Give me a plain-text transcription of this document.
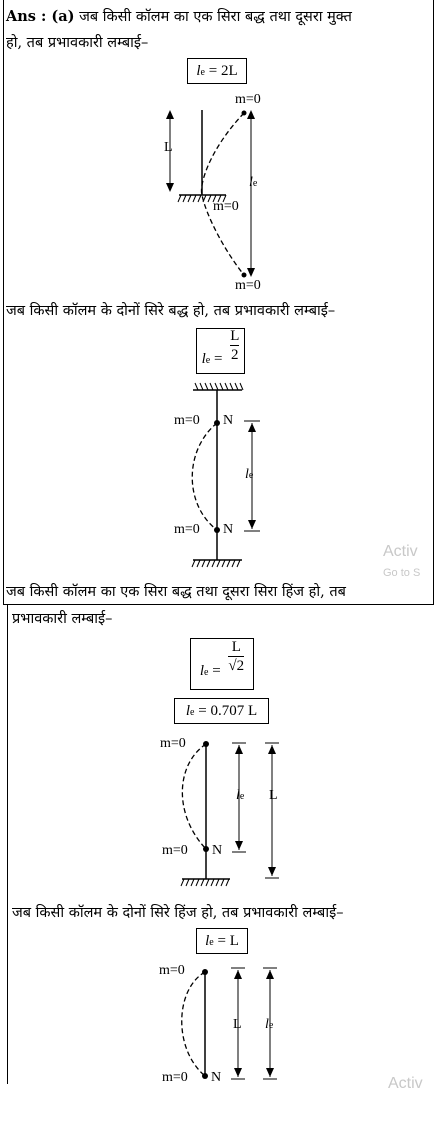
Ans : (a) जब किसी कॉलम का एक सिरा बद्ध तथा दूसरा मुक्त
हो, तब प्रभावकारी लम्बाई–
le = 2L
m=0
L
le
m=0
m=0
जब किसी कॉलम के दोनों सिरे बद्ध हो, तब प्रभावकारी लम्बाई–
le = $\frac{L}{2}$
m=0 N
le
m=0 N
जब किसी कॉलम का एक सिरा बद्ध तथा दूसरा सिरा हिंज हो, तब
प्रभावकारी लम्बाई–
le = $\frac{L}{√2}$
le = 0.707 L
m=0
le L
m=0 N
जब किसी कॉलम के दोनों सिरे हिंज हो, तब प्रभावकारी लम्बाई–
le = L
m=0
L le
m=0 N
Activ
Go to S
Activ
